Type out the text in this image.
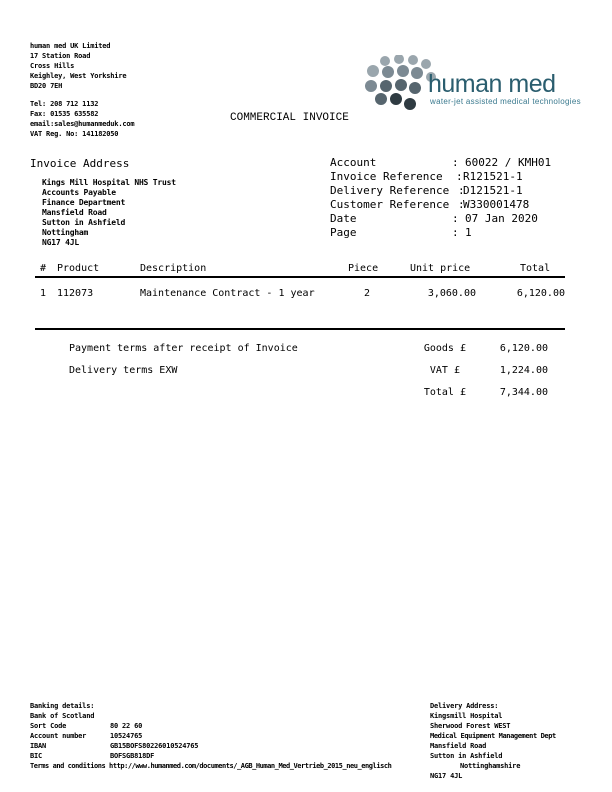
human med UK Limited
17 Station Road
Cross Hills
Keighley, West Yorkshire
BD20 7EH
Tel: 208 712 1132
Fax: 01535 635582
email:sales@humanmeduk.com
VAT Reg. No: 141182050

human med
water-jet assisted medical technologies
COMMERCIAL INVOICE
Invoice Address
Kings Mill Hospital NHS Trust
Accounts Payable
Finance Department
Mansfield Road
Sutton in Ashfield
Nottingham
NG17 4JL
Account	: 60022 / KMH01
Invoice Reference : R121521-1
Delivery Reference :
D121521-1
Customer Reference :
W330001478
Date	: 07 Jan 2020
Page	: 1
# Product	Description	Piece	Unit price	Total
1 112073	Maintenance Contract - 1 year	2	3,060.00	6,120.00
Payment terms after receipt of Invoice
Delivery terms EXW
Goods £	6,120.00
VAT £	1,224.00
Total £	7,344.00
Banking details:
Bank of Scotland
Sort Code	80 22 60
Account number	10524765
IBAN	GB15BOFS80226010524765
BIC	BOFSGB818DF
Terms and conditions http://www.humanmed.com/documents/_AGB_Human_Med_Vertrieb_2015_neu_englisch
Delivery Address:
Kingsmill Hospital
Sherwood Forest WEST
Medical Equipment Management Dept
Mansfield Road
Sutton in Ashfield
Nottinghamshire
NG17 4JL
